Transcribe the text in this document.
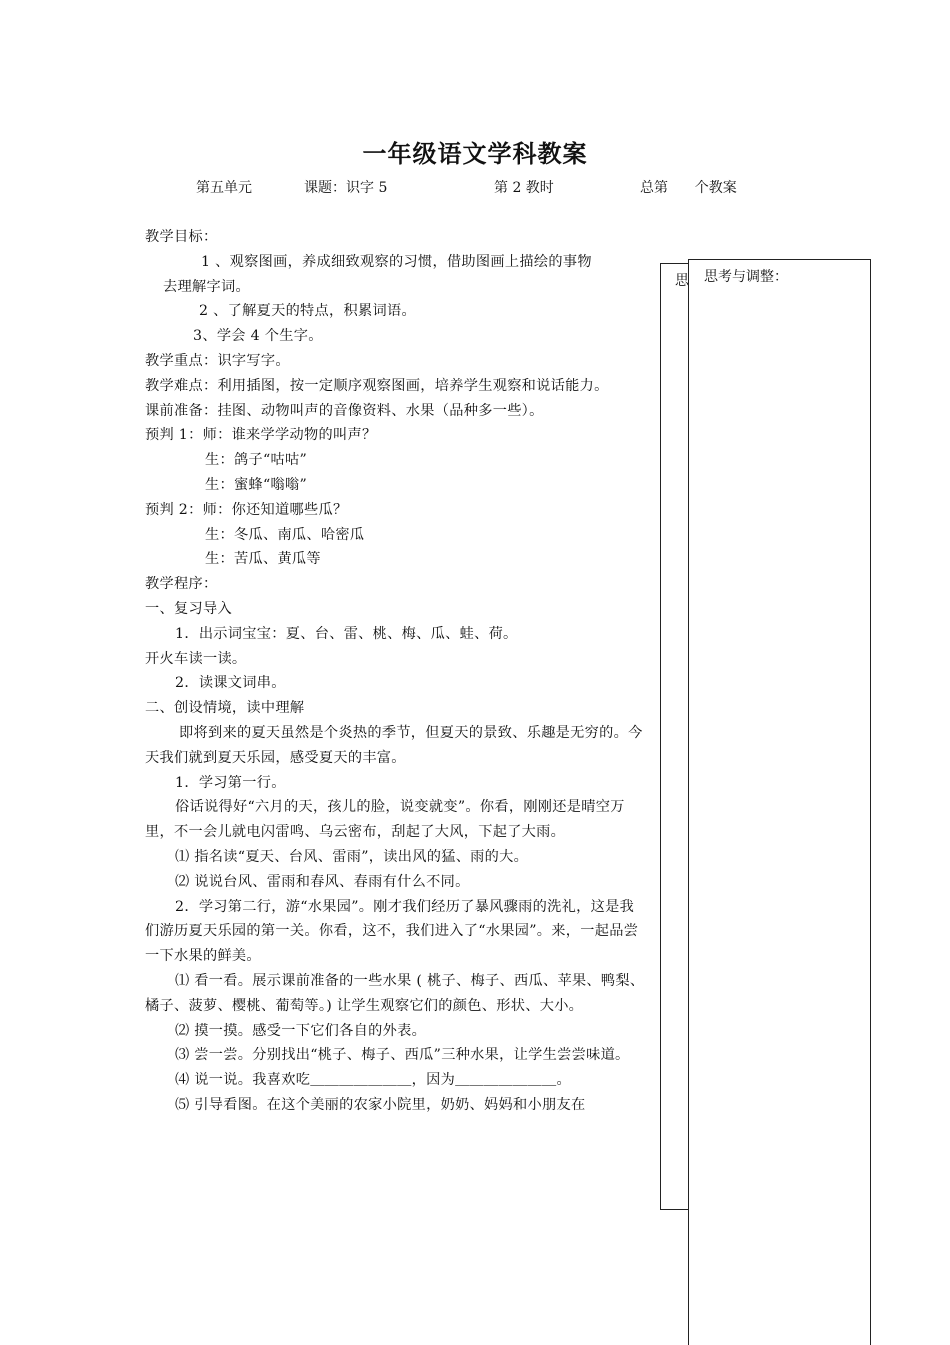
一年级语文学科教案
第五单元	课题：识字 5	第 2 教时	总第      个教案

教学目标：

1 、观察图画，养成细致观察的习惯，借助图画上描绘的事物

去理解字词。

2 、了解夏天的特点，积累词语。

3、学会 4 个生字。

教学重点：识字写字。

教学难点：利用插图，按一定顺序观察图画，培养学生观察和说话能力。

课前准备：挂图、动物叫声的音像资料、水果（品种多一些）。

预判 1：师：谁来学学动物的叫声？

生：鸽子“咕咕”

生：蜜蜂“嗡嗡”

预判 2：师：你还知道哪些瓜？

生：冬瓜、南瓜、哈密瓜

生：苦瓜、黄瓜等

教学程序：

一、复习导入

1．出示词宝宝：夏、台、雷、桃、梅、瓜、蛙、荷。

开火车读一读。

2．读课文词串。

二、创设情境，读中理解

即将到来的夏天虽然是个炎热的季节，但夏天的景致、乐趣是无穷的。今天我们就到夏天乐园，感受夏天的丰富。

1．学习第一行。

俗话说得好“六月的天，孩儿的脸，说变就变”。你看，刚刚还是晴空万里，不一会儿就电闪雷鸣、乌云密布，刮起了大风，下起了大雨。

⑴ 指名读“夏天、台风、雷雨”，读出风的猛、雨的大。

⑵ 说说台风、雷雨和春风、春雨有什么不同。

2．学习第二行，游“水果园”。刚才我们经历了暴风骤雨的洗礼，这是我们游历夏天乐园的第一关。你看，这不，我们进入了“水果园”。来，一起品尝一下水果的鲜美。

⑴ 看一看。展示课前准备的一些水果 ( 桃子、梅子、西瓜、苹果、鸭梨、橘子、菠萝、樱桃、葡萄等。) 让学生观察它们的颜色、形状、大小。

⑵ 摸一摸。感受一下它们各自的外表。

⑶ 尝一尝。分别找出“桃子、梅子、西瓜”三种水果，让学生尝尝味道。

⑷ 说一说。我喜欢吃＿＿＿＿＿＿＿，因为＿＿＿＿＿＿＿。

⑸ 引导看图。在这个美丽的农家小院里，奶奶、妈妈和小朋友在

思 思考与调整：
